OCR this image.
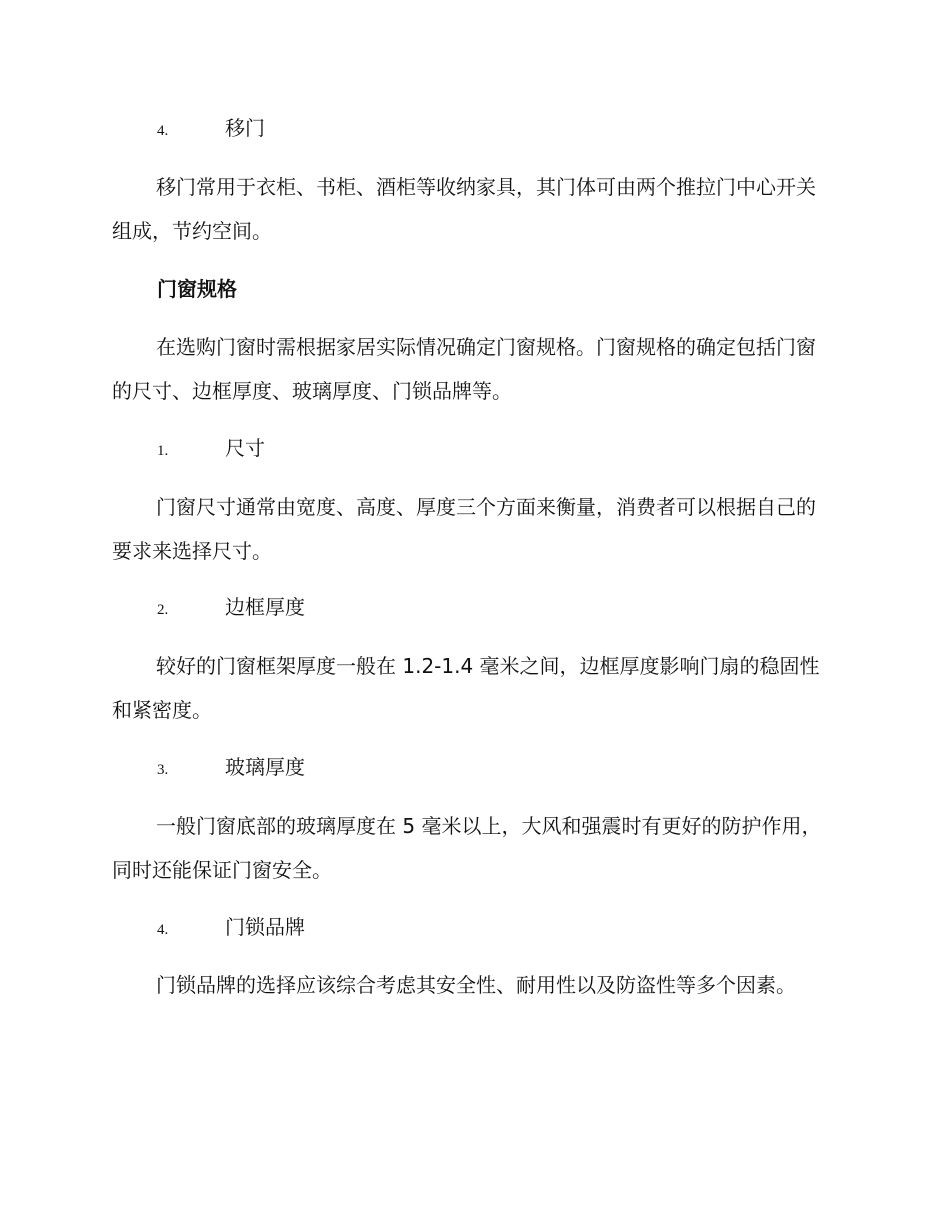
4.	移门

移门常用于衣柜、书柜、酒柜等收纳家具，其门体可由两个推拉门中心开关组成，节约空间。

门窗规格

在选购门窗时需根据家居实际情况确定门窗规格。门窗规格的确定包括门窗的尺寸、边框厚度、玻璃厚度、门锁品牌等。

1.	尺寸

门窗尺寸通常由宽度、高度、厚度三个方面来衡量，消费者可以根据自己的要求来选择尺寸。

2.	边框厚度

较好的门窗框架厚度一般在 1.2-1.4 毫米之间，边框厚度影响门扇的稳固性和紧密度。

3.	玻璃厚度

一般门窗底部的玻璃厚度在 5 毫米以上，大风和强震时有更好的防护作用，同时还能保证门窗安全。

4.	门锁品牌

门锁品牌的选择应该综合考虑其安全性、耐用性以及防盗性等多个因素。
